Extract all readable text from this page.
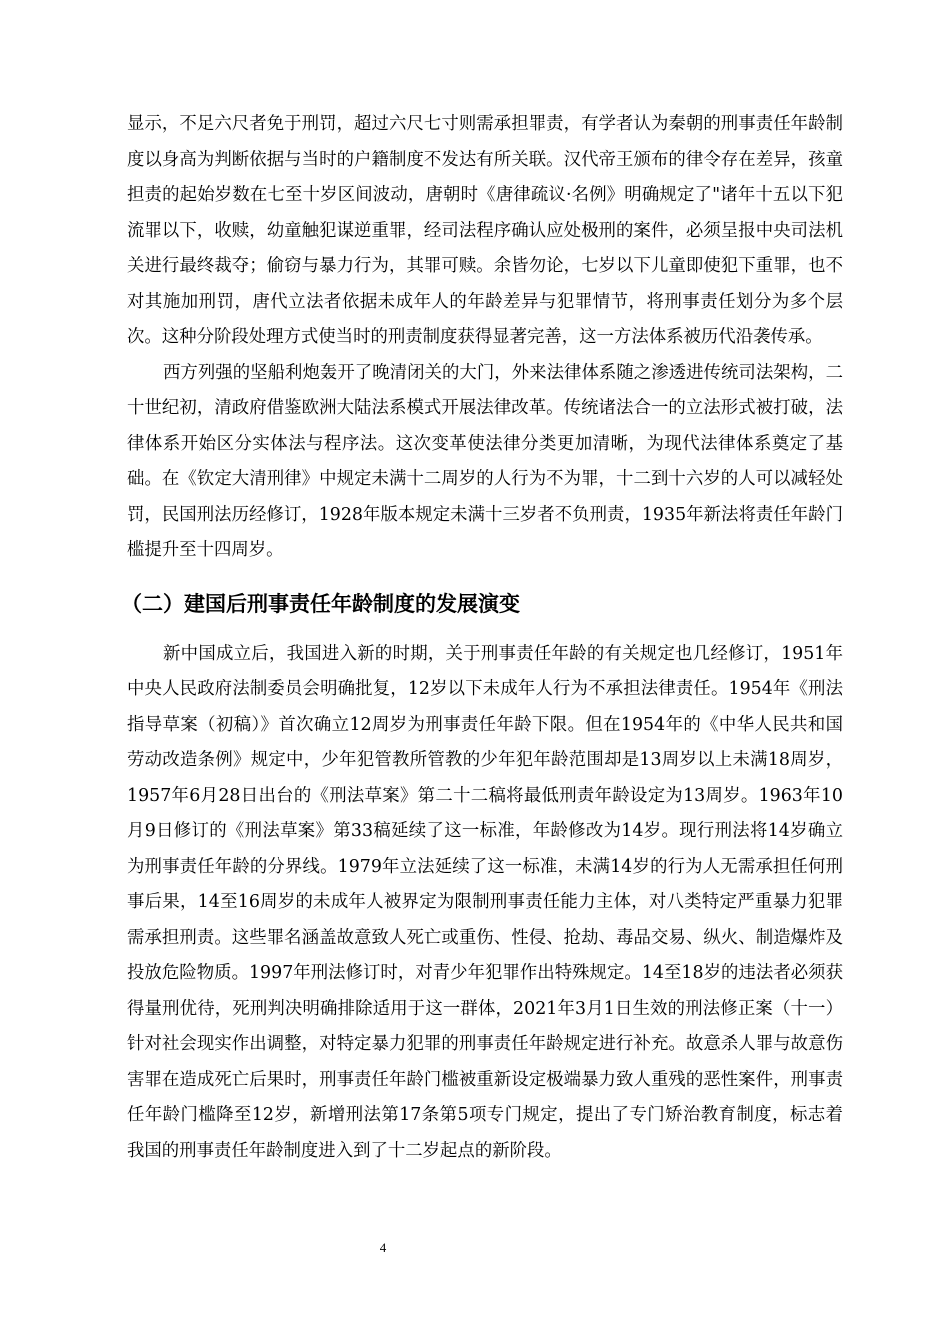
显示，不足六尺者免于刑罚，超过六尺七寸则需承担罪责，有学者认为秦朝的刑事责任年龄制度以身高为判断依据与当时的户籍制度不发达有所关联。汉代帝王颁布的律令存在差异，孩童担责的起始岁数在七至十岁区间波动，唐朝时《唐律疏议·名例》明确规定了"诸年十五以下犯流罪以下，收赎，幼童触犯谋逆重罪，经司法程序确认应处极刑的案件，必须呈报中央司法机关进行最终裁夺；偷窃与暴力行为，其罪可赎。余皆勿论，七岁以下儿童即使犯下重罪，也不对其施加刑罚，唐代立法者依据未成年人的年龄差异与犯罪情节，将刑事责任划分为多个层次。这种分阶段处理方式使当时的刑责制度获得显著完善，这一方法体系被历代沿袭传承。

西方列强的坚船利炮轰开了晚清闭关的大门，外来法律体系随之渗透进传统司法架构，二十世纪初，清政府借鉴欧洲大陆法系模式开展法律改革。传统诸法合一的立法形式被打破，法律体系开始区分实体法与程序法。这次变革使法律分类更加清晰，为现代法律体系奠定了基础。在《钦定大清刑律》中规定未满十二周岁的人行为不为罪，十二到十六岁的人可以减轻处罚，民国刑法历经修订，1928年版本规定未满十三岁者不负刑责，1935年新法将责任年龄门槛提升至十四周岁。

（二）建国后刑事责任年龄制度的发展演变

新中国成立后，我国进入新的时期，关于刑事责任年龄的有关规定也几经修订，1951年中央人民政府法制委员会明确批复，12岁以下未成年人行为不承担法律责任。1954年《刑法指导草案（初稿）》首次确立12周岁为刑事责任年龄下限。但在1954年的《中华人民共和国劳动改造条例》规定中，少年犯管教所管教的少年犯年龄范围却是13周岁以上未满18周岁，1957年6月28日出台的《刑法草案》第二十二稿将最低刑责年龄设定为13周岁。1963年10月9日修订的《刑法草案》第33稿延续了这一标准，年龄修改为14岁。现行刑法将14岁确立为刑事责任年龄的分界线。1979年立法延续了这一标准，未满14岁的行为人无需承担任何刑事后果，14至16周岁的未成年人被界定为限制刑事责任能力主体，对八类特定严重暴力犯罪需承担刑责。这些罪名涵盖故意致人死亡或重伤、性侵、抢劫、毒品交易、纵火、制造爆炸及投放危险物质。1997年刑法修订时，对青少年犯罪作出特殊规定。14至18岁的违法者必须获得量刑优待，死刑判决明确排除适用于这一群体，2021年3月1日生效的刑法修正案（十一）针对社会现实作出调整，对特定暴力犯罪的刑事责任年龄规定进行补充。故意杀人罪与故意伤害罪在造成死亡后果时，刑事责任年龄门槛被重新设定极端暴力致人重残的恶性案件，刑事责任年龄门槛降至12岁，新增刑法第17条第5项专门规定，提出了专门矫治教育制度，标志着我国的刑事责任年龄制度进入到了十二岁起点的新阶段。

4
